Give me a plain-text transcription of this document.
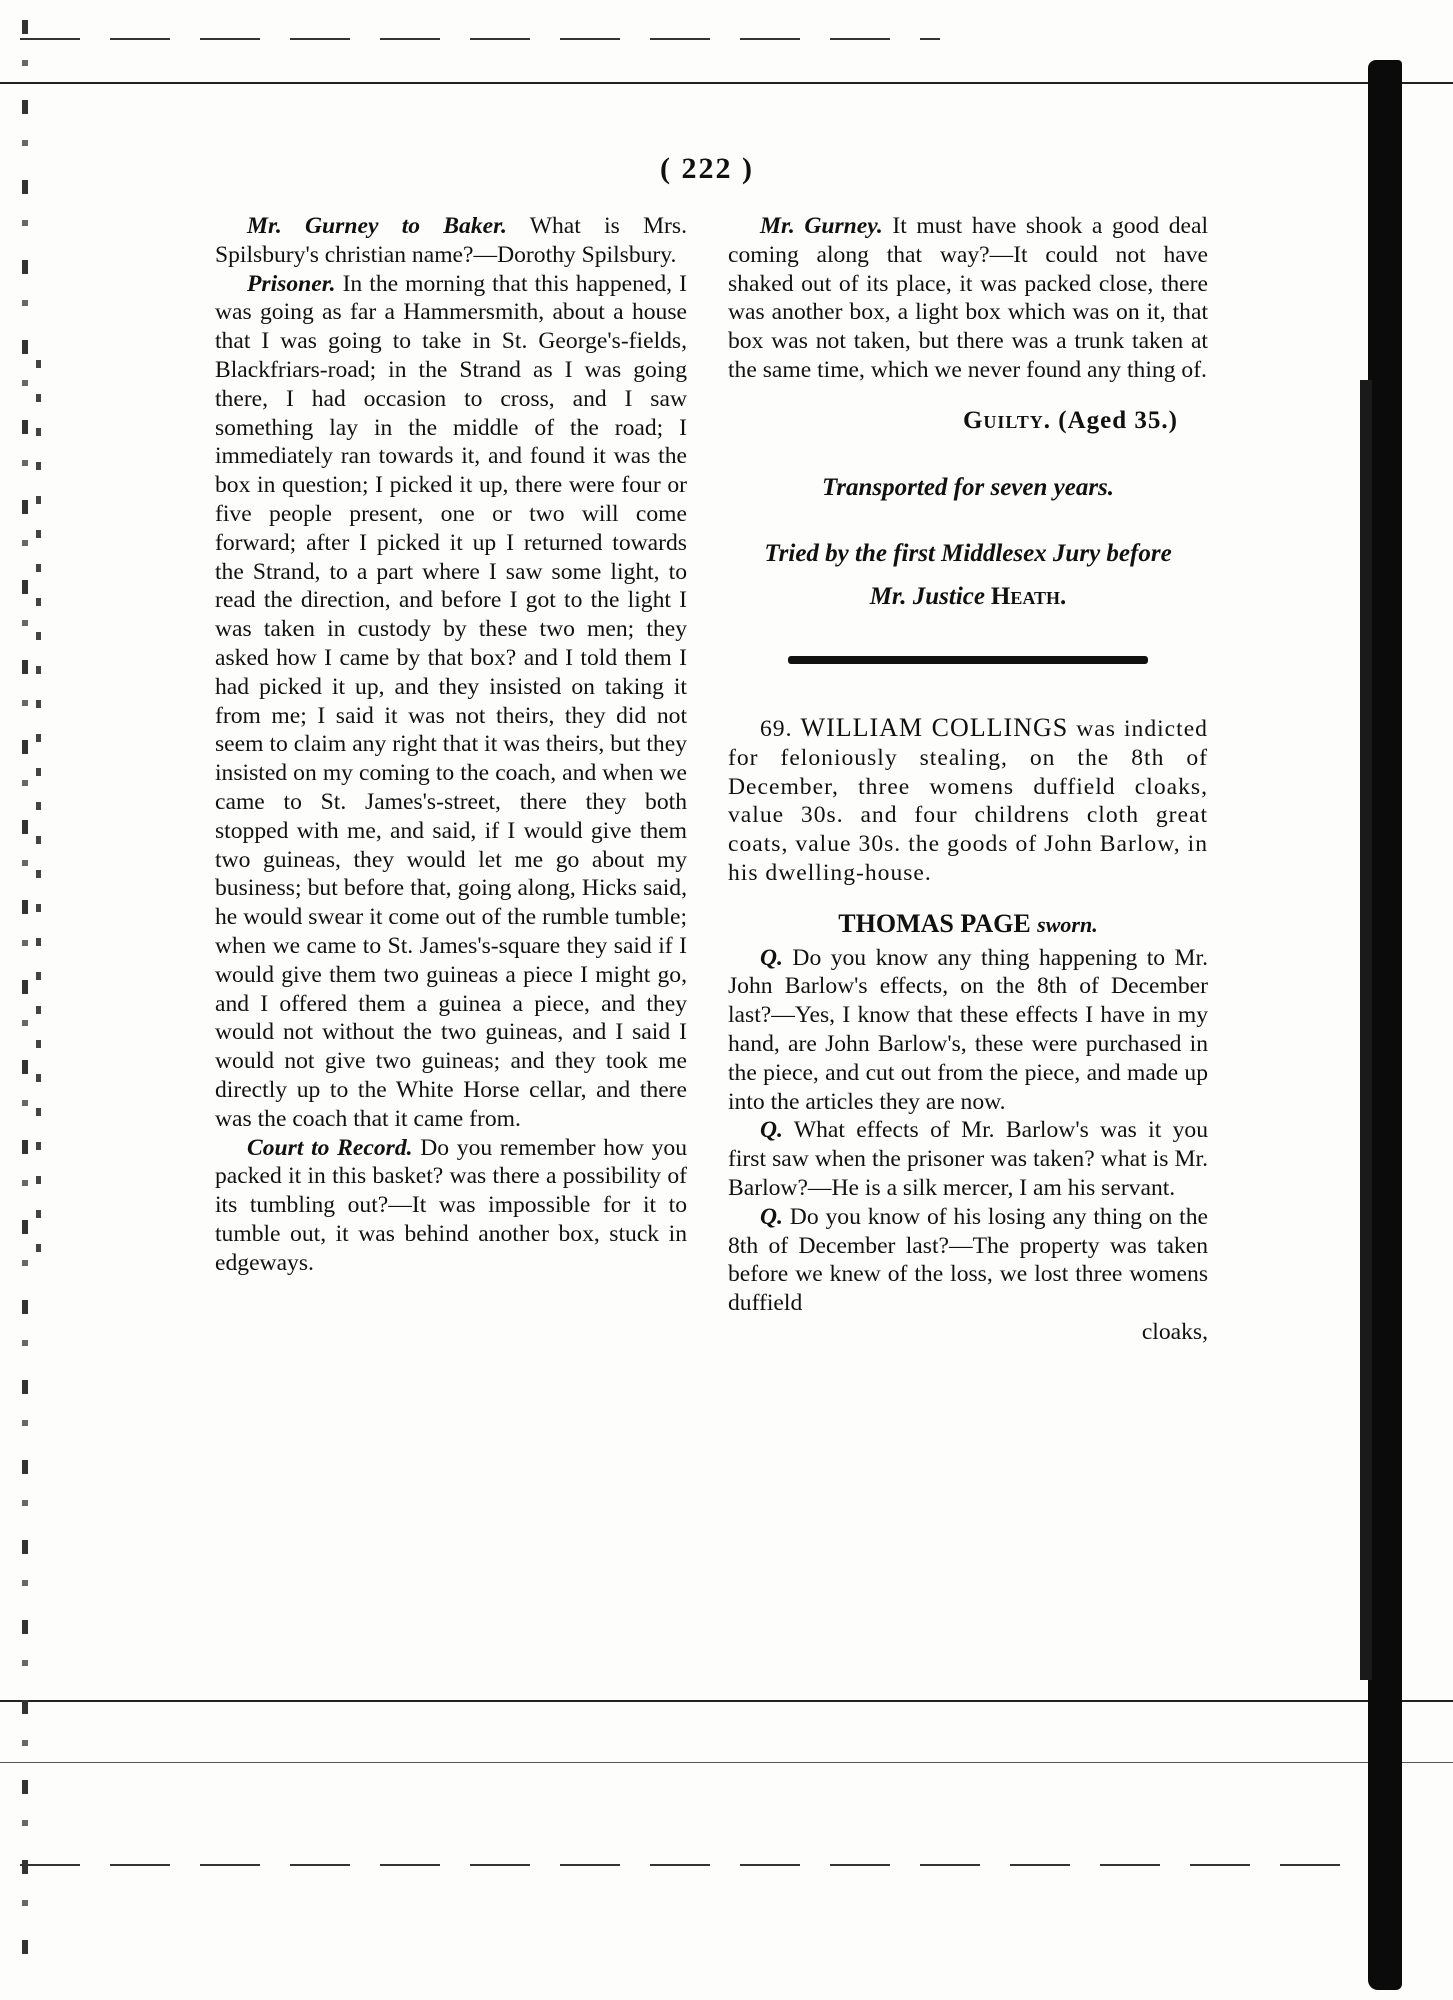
( 222 )

Mr. Gurney to Baker. What is Mrs. Spilsbury's christian name?—Dorothy Spilsbury.

Prisoner. In the morning that this happened, I was going as far a Hammersmith, about a house that I was going to take in St. George's-fields, Blackfriars-road; in the Strand as I was going there, I had occasion to cross, and I saw something lay in the middle of the road; I immediately ran towards it, and found it was the box in question; I picked it up, there were four or five people present, one or two will come forward; after I picked it up I returned towards the Strand, to a part where I saw some light, to read the direction, and before I got to the light I was taken in custody by these two men; they asked how I came by that box? and I told them I had picked it up, and they insisted on taking it from me; I said it was not theirs, they did not seem to claim any right that it was theirs, but they insisted on my coming to the coach, and when we came to St. James's-street, there they both stopped with me, and said, if I would give them two guineas, they would let me go about my business; but before that, going along, Hicks said, he would swear it come out of the rumble tumble; when we came to St. James's-square they said if I would give them two guineas a piece I might go, and I offered them a guinea a piece, and they would not without the two guineas, and I said I would not give two guineas; and they took me directly up to the White Horse cellar, and there was the coach that it came from.

Court to Record. Do you remember how you packed it in this basket? was there a possibility of its tumbling out?—It was impossible for it to tumble out, it was behind another box, stuck in edgeways.

Mr. Gurney. It must have shook a good deal coming along that way?—It could not have shaked out of its place, it was packed close, there was another box, a light box which was on it, that box was not taken, but there was a trunk taken at the same time, which we never found any thing of.

Guilty. (Aged 35.)

Transported for seven years.

Tried by the first Middlesex Jury before

Mr. Justice Heath.

69. WILLIAM COLLINGS was indicted for feloniously stealing, on the 8th of December, three womens duffield cloaks, value 30s. and four childrens cloth great coats, value 30s. the goods of John Barlow, in his dwelling-house.

THOMAS PAGE sworn.

Q. Do you know any thing happening to Mr. John Barlow's effects, on the 8th of December last?—Yes, I know that these effects I have in my hand, are John Barlow's, these were purchased in the piece, and cut out from the piece, and made up into the articles they are now.

Q. What effects of Mr. Barlow's was it you first saw when the prisoner was taken? what is Mr. Barlow?—He is a silk mercer, I am his servant.

Q. Do you know of his losing any thing on the 8th of December last?—The property was taken before we knew of the loss, we lost three womens duffield

cloaks,
